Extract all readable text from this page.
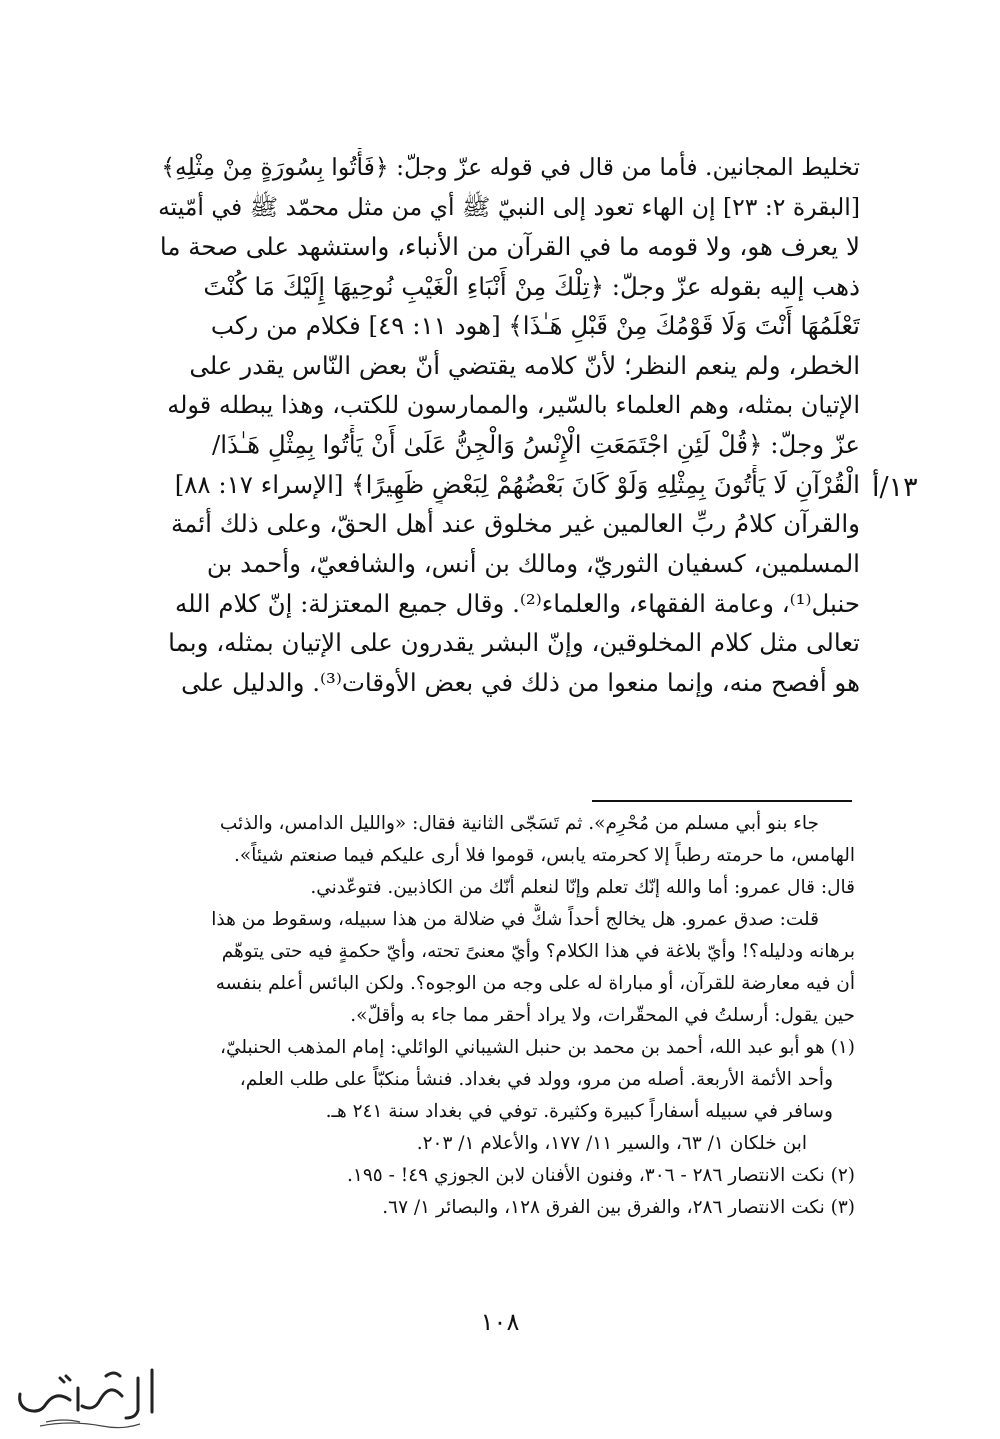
تخليط المجانين. فأما من قال في قوله عزّ وجلّ: ﴿فَأْتُوا بِسُورَةٍ مِنْ مِثْلِهِ﴾
[البقرة ٢: ٢٣] إن الهاء تعود إلى النبيّ ﷺ أي من مثل محمّد ﷺ في أمّيته
لا يعرف هو، ولا قومه ما في القرآن من الأنباء، واستشهد على صحة ما
ذهب إليه بقوله عزّ وجلّ: ﴿تِلْكَ مِنْ أَنْبَاءِ الْغَيْبِ نُوحِيهَا إِلَيْكَ مَا كُنْتَ
تَعْلَمُهَا أَنْتَ وَلَا قَوْمُكَ مِنْ قَبْلِ هَـٰذَا﴾ [هود ١١: ٤٩] فكلام من ركب
الخطر، ولم ينعم النظر؛ لأنّ كلامه يقتضي أنّ بعض النّاس يقدر على
الإتيان بمثله، وهم العلماء بالسّير، والممارسون للكتب، وهذا يبطله قوله
عزّ وجلّ: ﴿قُلْ لَئِنِ اجْتَمَعَتِ الْإِنْسُ وَالْجِنُّ عَلَىٰ أَنْ يَأْتُوا بِمِثْلِ هَـٰذَا/
الْقُرْآنِ لَا يَأْتُونَ بِمِثْلِهِ وَلَوْ كَانَ بَعْضُهُمْ لِبَعْضٍ ظَهِيرًا﴾ [الإسراء ١٧: ٨٨]
والقرآن كلامُ ربِّ العالمين غير مخلوق عند أهل الحقّ، وعلى ذلك أئمة
المسلمين، كسفيان الثوريّ، ومالك بن أنس، والشافعيّ، وأحمد بن
حنبل⁽¹⁾، وعامة الفقهاء، والعلماء⁽²⁾. وقال جميع المعتزلة: إنّ كلام الله
تعالى مثل كلام المخلوقين، وإنّ البشر يقدرون على الإتيان بمثله، وبما
هو أفصح منه، وإنما منعوا من ذلك في بعض الأوقات⁽³⁾. والدليل على
١٣/أ
جاء بنو أبي مسلم من مُحْرِم». ثم تَسَجّى الثانية فقال: «والليل الدامس، والذئب
الهامس، ما حرمته رطباً إلا كحرمته يابس، قوموا فلا أرى عليكم فيما صنعتم شيئاً».
قال: قال عمرو: أما والله إنّك تعلم وإنّا لنعلم أنّك من الكاذبين. فتوعّدني.
قلت: صدق عمرو. هل يخالج أحداً شكٌّ في ضلالة من هذا سبيله، وسقوط من هذا
برهانه ودليله؟! وأيّ بلاغة في هذا الكلام؟ وأيّ معنىً تحته، وأيّ حكمةٍ فيه حتى يتوهّم
أن فيه معارضة للقرآن، أو مباراة له على وجه من الوجوه؟. ولكن البائس أعلم بنفسه
حين يقول: أرسلتُ في المحقّرات، ولا يراد أحقر مما جاء به وأقلّ».
(١) هو أبو عبد الله، أحمد بن محمد بن حنبل الشيباني الوائلي: إمام المذهب الحنبليّ،
وأحد الأئمة الأربعة. أصله من مرو، وولد في بغداد. فنشأ منكبّاً على طلب العلم،
وسافر في سبيله أسفاراً كبيرة وكثيرة. توفي في بغداد سنة ٢٤١ هـ.
ابن خلكان ١/ ٦٣، والسير ١١/ ١٧٧، والأعلام ١/ ٢٠٣.
(٢) نكت الانتصار ٢٨٦ - ٣٠٦، وفنون الأفنان لابن الجوزي ٤٩! - ١٩٥.
(٣) نكت الانتصار ٢٨٦، والفرق بين الفرق ١٢٨، والبصائر ١/ ٦٧.
١٠٨
